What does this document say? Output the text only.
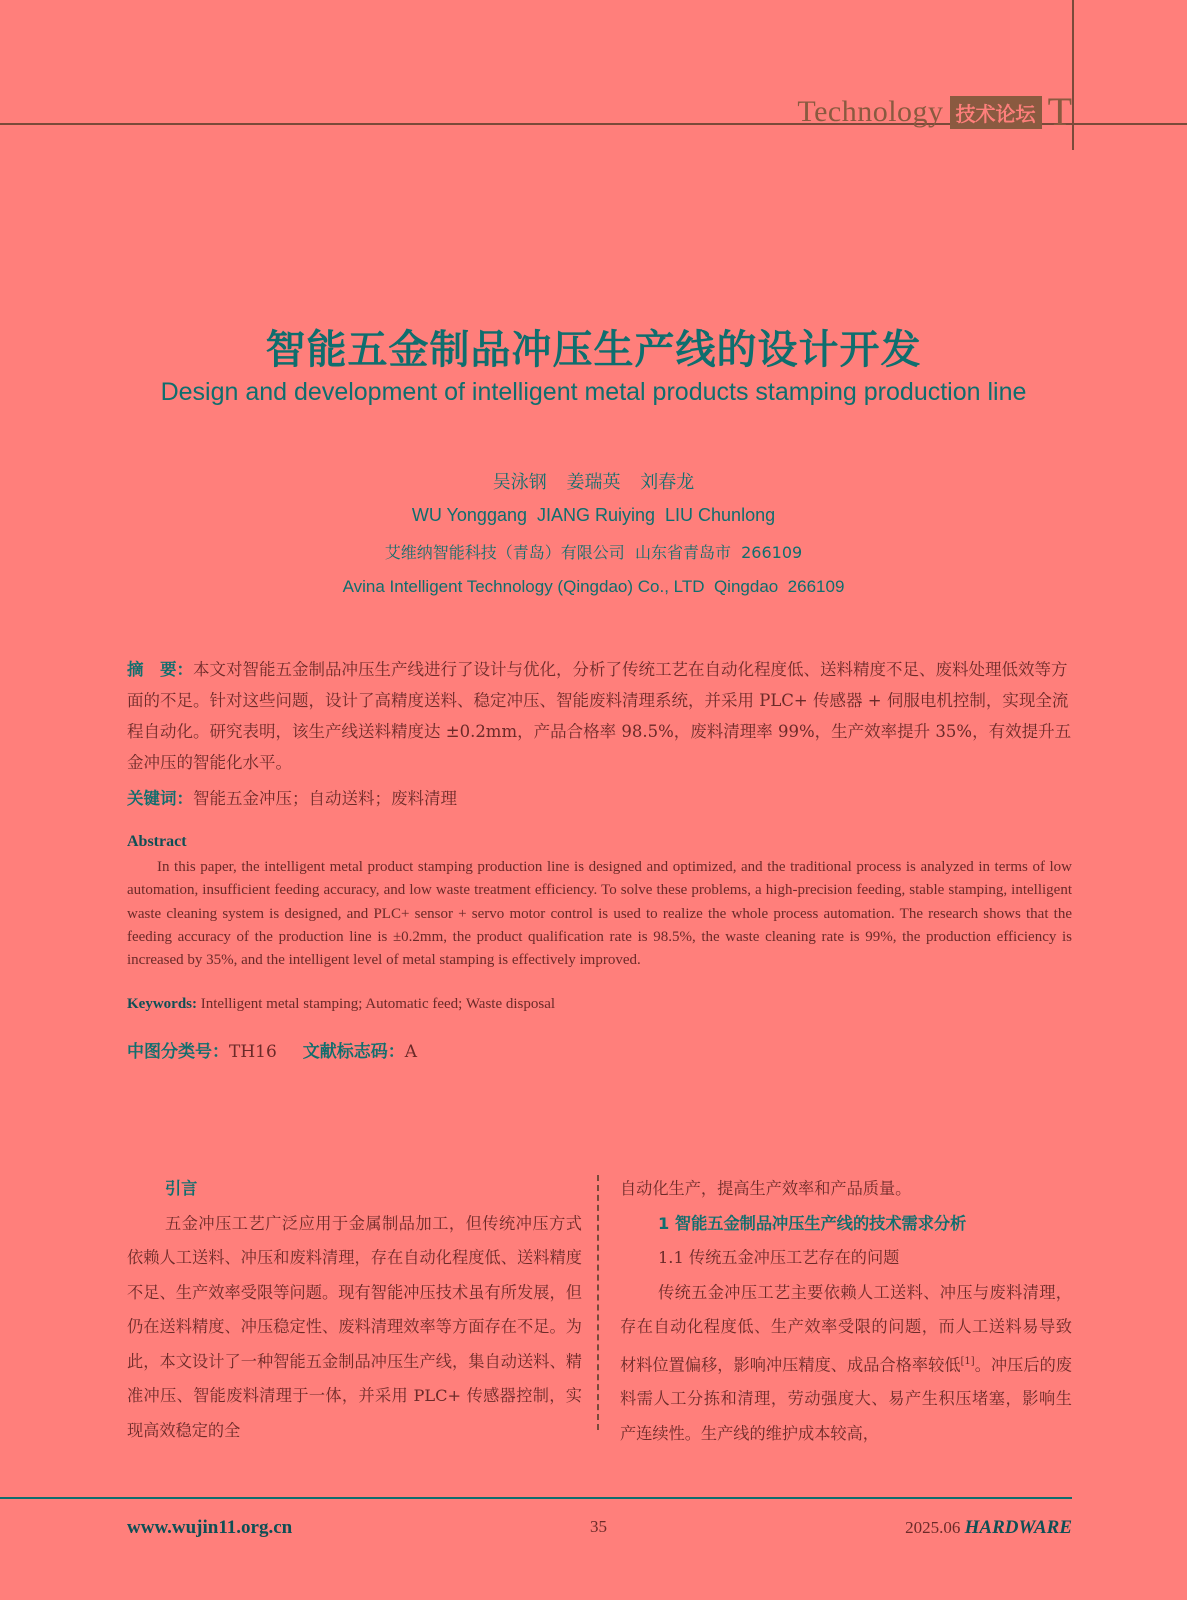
Technology 技术论坛 T
智能五金制品冲压生产线的设计开发
Design and development of intelligent metal products stamping production line
吴泳钢 姜瑞英 刘春龙
WU Yonggang  JIANG Ruiying  LIU Chunlong
艾维纳智能科技（青岛）有限公司  山东省青岛市  266109
Avina Intelligent Technology (Qingdao) Co., LTD  Qingdao  266109
摘　要：本文对智能五金制品冲压生产线进行了设计与优化，分析了传统工艺在自动化程度低、送料精度不足、废料处理低效等方面的不足。针对这些问题，设计了高精度送料、稳定冲压、智能废料清理系统，并采用 PLC+ 传感器 + 伺服电机控制，实现全流程自动化。研究表明，该生产线送料精度达 ±0.2mm，产品合格率 98.5%，废料清理率 99%，生产效率提升 35%，有效提升五金冲压的智能化水平。
关键词：智能五金冲压；自动送料；废料清理
Abstract
In this paper, the intelligent metal product stamping production line is designed and optimized, and the traditional process is analyzed in terms of low automation, insufficient feeding accuracy, and low waste treatment efficiency. To solve these problems, a high-precision feeding, stable stamping, intelligent waste cleaning system is designed, and PLC+ sensor + servo motor control is used to realize the whole process automation. The research shows that the feeding accuracy of the production line is ±0.2mm, the product qualification rate is 98.5%, the waste cleaning rate is 99%, the production efficiency is increased by 35%, and the intelligent level of metal stamping is effectively improved.
Keywords: Intelligent metal stamping; Automatic feed; Waste disposal
中图分类号：TH16 文献标志码：A

引言

五金冲压工艺广泛应用于金属制品加工，但传统冲压方式依赖人工送料、冲压和废料清理，存在自动化程度低、送料精度不足、生产效率受限等问题。现有智能冲压技术虽有所发展，但仍在送料精度、冲压稳定性、废料清理效率等方面存在不足。为此，本文设计了一种智能五金制品冲压生产线，集自动送料、精准冲压、智能废料清理于一体，并采用 PLC+ 传感器控制，实现高效稳定的全

自动化生产，提高生产效率和产品质量。

1 智能五金制品冲压生产线的技术需求分析

1.1 传统五金冲压工艺存在的问题

传统五金冲压工艺主要依赖人工送料、冲压与废料清理，存在自动化程度低、生产效率受限的问题，而人工送料易导致材料位置偏移，影响冲压精度、成品合格率较低[1]。冲压后的废料需人工分拣和清理，劳动强度大、易产生积压堵塞，影响生产连续性。生产线的维护成本较高，

www.wujin11.org.cn	35	2025.06 HARDWARE
